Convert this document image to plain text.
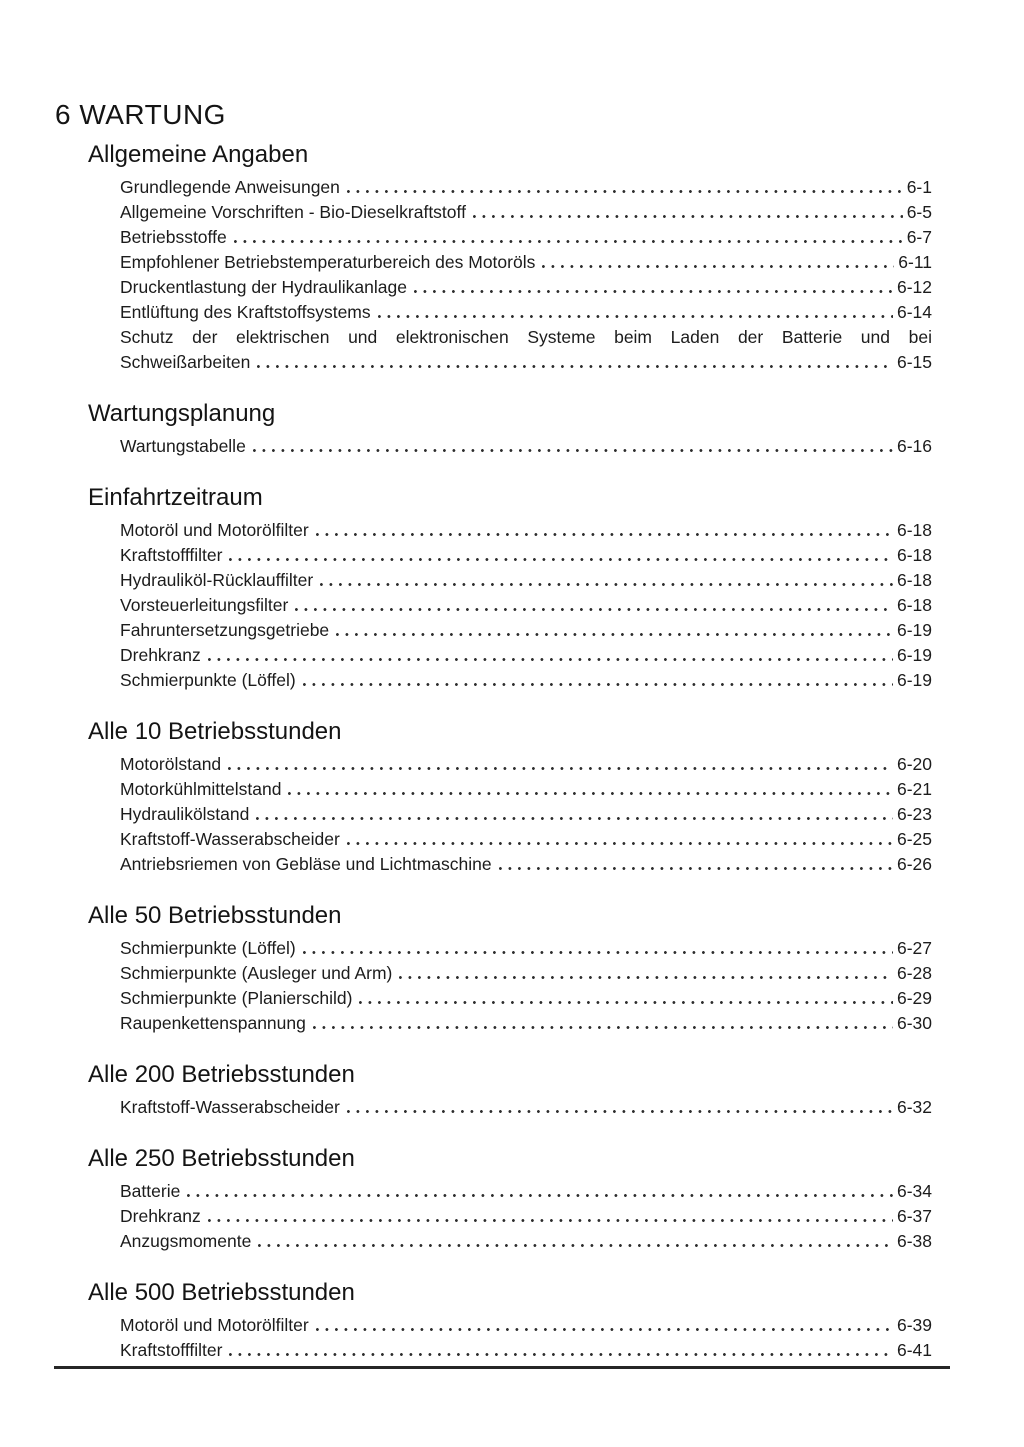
6 WARTUNG
Allgemeine Angaben
Grundlegende Anweisungen	6-1
Allgemeine Vorschriften - Bio-Dieselkraftstoff	6-5
Betriebsstoffe	6-7
Empfohlener Betriebstemperaturbereich des Motoröls	6-11
Druckentlastung der Hydraulikanlage	6-12
Entlüftung des Kraftstoffsystems	6-14
Schutz der elektrischen und elektronischen Systeme beim Laden der Batterie und bei
Schweißarbeiten	6-15
Wartungsplanung
Wartungstabelle	6-16
Einfahrtzeitraum
Motoröl und Motorölfilter	6-18
Kraftstofffilter	6-18
Hydrauliköl-Rücklauffilter	6-18
Vorsteuerleitungsfilter	6-18
Fahruntersetzungsgetriebe	6-19
Drehkranz	6-19
Schmierpunkte (Löffel)	6-19
Alle 10 Betriebsstunden
Motorölstand	6-20
Motorkühlmittelstand	6-21
Hydraulikölstand	6-23
Kraftstoff-Wasserabscheider	6-25
Antriebsriemen von Gebläse und Lichtmaschine	6-26
Alle 50 Betriebsstunden
Schmierpunkte (Löffel)	6-27
Schmierpunkte (Ausleger und Arm)	6-28
Schmierpunkte (Planierschild)	6-29
Raupenkettenspannung	6-30
Alle 200 Betriebsstunden
Kraftstoff-Wasserabscheider	6-32
Alle 250 Betriebsstunden
Batterie	6-34
Drehkranz	6-37
Anzugsmomente	6-38
Alle 500 Betriebsstunden
Motoröl und Motorölfilter	6-39
Kraftstofffilter	6-41
